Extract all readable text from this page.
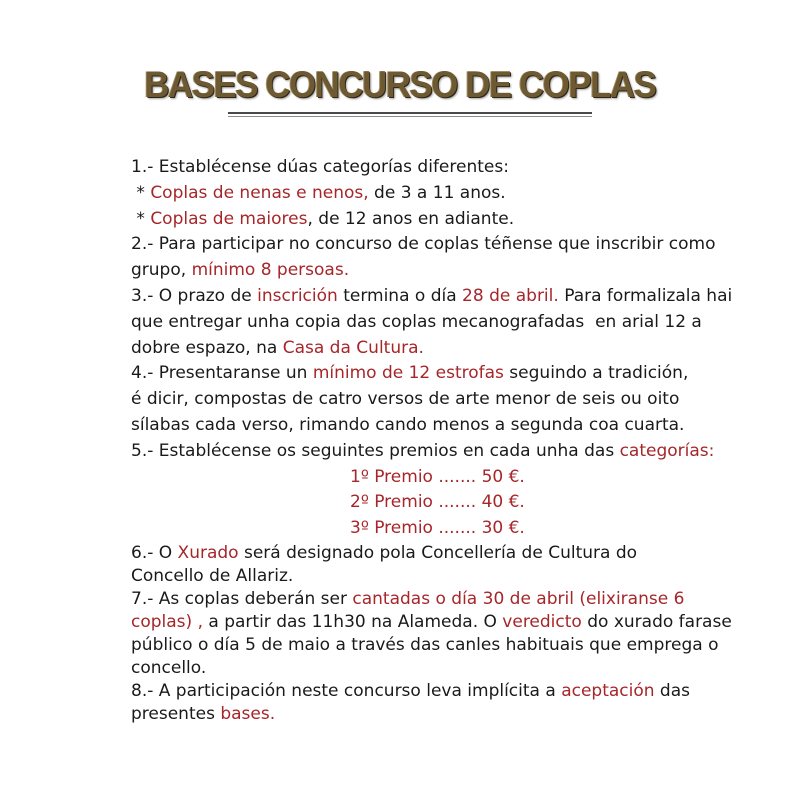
BASES CONCURSO DE COPLAS
1.- Establécense dúas categorías diferentes:
* Coplas de nenas e nenos, de 3 a 11 anos.
* Coplas de maiores, de 12 anos en adiante.
2.- Para participar no concurso de coplas téñense que inscribir como
grupo, mínimo 8 persoas.
3.- O prazo de inscrición termina o día 28 de abril. Para formalizala hai
que entregar unha copia das coplas mecanografadas  en arial 12 a
dobre espazo, na Casa da Cultura.
4.- Presentaranse un mínimo de 12 estrofas seguindo a tradición,
é dicir, compostas de catro versos de arte menor de seis ou oito
sílabas cada verso, rimando cando menos a segunda coa cuarta.
5.- Establécense os seguintes premios en cada unha das categorías:
1º Premio ....... 50 €.
2º Premio ....... 40 €.
3º Premio ....... 30 €.
6.- O Xurado será designado pola Concellería de Cultura do
Concello de Allariz.
7.- As coplas deberán ser cantadas o día 30 de abril (elixiranse 6
coplas) , a partir das 11h30 na Alameda. O veredicto do xurado farase
público o día 5 de maio a través das canles habituais que emprega o
concello.
8.- A participación neste concurso leva implícita a aceptación das
presentes bases.
